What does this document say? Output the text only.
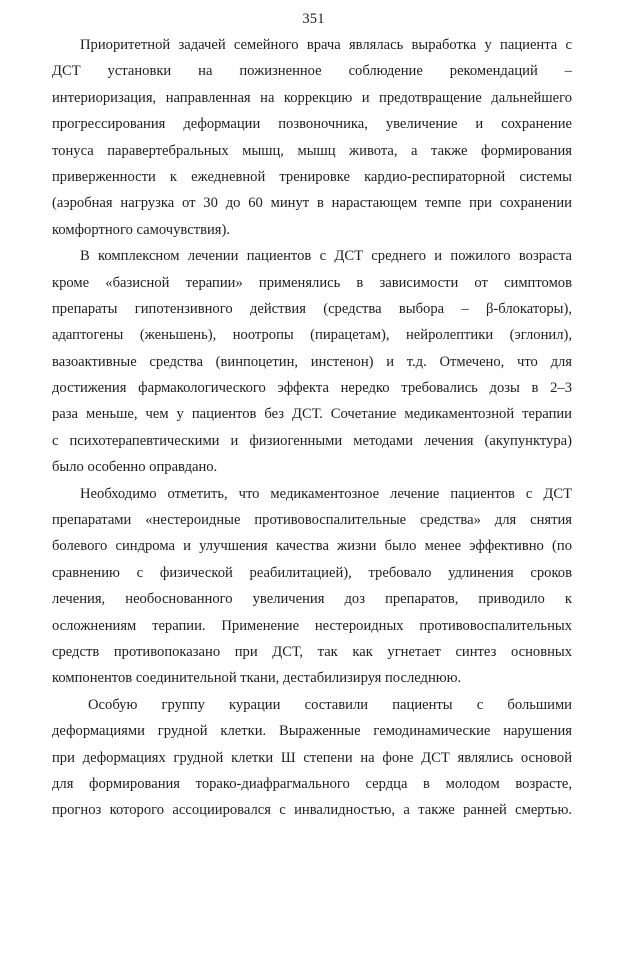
351
Приоритетной задачей семейного врача являлась выработка у пациента с
ДСТ установки на пожизненное соблюдение рекомендаций –
интериоризация, направленная на коррекцию и предотвращение дальнейшего
прогрессирования деформации позвоночника, увеличение и сохранение
тонуса паравертебральных мышц, мышц живота, а также формирования
приверженности к ежедневной тренировке кардио-респираторной системы
(аэробная нагрузка от 30 до 60 минут в нарастающем темпе при сохранении
комфортного самочувствия).
В комплексном лечении пациентов с ДСТ среднего и пожилого возраста
кроме «базисной терапии» применялись в зависимости от симптомов
препараты гипотензивного действия (средства выбора – β-блокаторы),
адаптогены (женьшень), ноотропы (пирацетам), нейролептики (эглонил),
вазоактивные средства (винпоцетин, инстенон) и т.д. Отмечено, что для
достижения фармакологического эффекта нередко требовались дозы в 2–3
раза меньше, чем у пациентов без ДСТ. Сочетание медикаментозной терапии
с психотерапевтическими и физиогенными методами лечения (акупунктура)
было особенно оправдано.
Необходимо отметить, что медикаментозное лечение пациентов с ДСТ
препаратами «нестероидные противовоспалительные средства» для снятия
болевого синдрома и улучшения качества жизни было менее эффективно (по
сравнению с физической реабилитацией), требовало удлинения сроков
лечения, необоснованного увеличения доз препаратов, приводило к
осложнениям терапии. Применение нестероидных противовоспалительных
средств противопоказано при ДСТ, так как угнетает синтез основных
компонентов соединительной ткани, дестабилизируя последнюю.
Особую группу курации составили пациенты с большими
деформациями грудной клетки. Выраженные гемодинамические нарушения
при деформациях грудной клетки Ш степени на фоне ДСТ являлись основой
для формирования торако-диафрагмального сердца в молодом возрасте,
прогноз которого ассоциировался с инвалидностью, а также ранней смертью.
